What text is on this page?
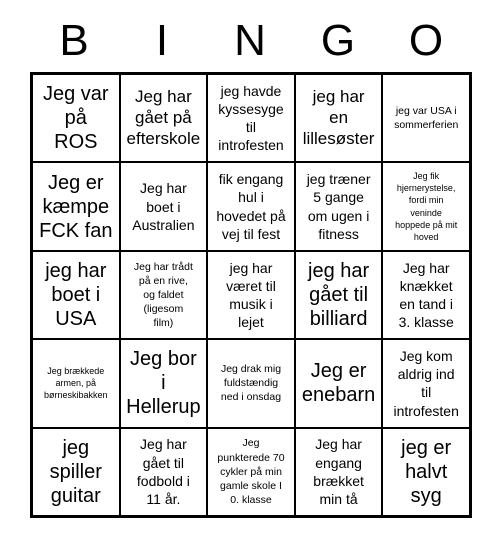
B	I	N	G	O
Jeg var
på
ROS
Jeg har
gået på
efterskole
jeg havde
kyssesyge
til
introfesten
jeg har
en
lillesøster
jeg var USA i
sommerferien
Jeg er
kæmpe
FCK fan
Jeg har
boet i
Australien
fik engang
hul i
hovedet på
vej til fest
jeg træner
5 gange
om ugen i
fitness
Jeg fik
hjernerystelse,
fordi min
veninde
hoppede på mit
hoved
jeg har
boet i
USA
Jeg har trådt
på en rive,
og faldet
(ligesom
film)
jeg har
været til
musik i
lejet
jeg har
gået til
billiard
Jeg har
knækket
en tand i
3. klasse
Jeg brækkede
armen, på
børneskibakken
Jeg bor
i
Hellerup
Jeg drak mig
fuldstændig
ned i onsdag
Jeg er
enebarn
Jeg kom
aldrig ind
til
introfesten
jeg
spiller
guitar
Jeg har
gået til
fodbold i
11 år.
Jeg
punkterede 70
cykler på min
gamle skole I
0. klasse
Jeg har
engang
brækket
min tå
jeg er
halvt
syg
